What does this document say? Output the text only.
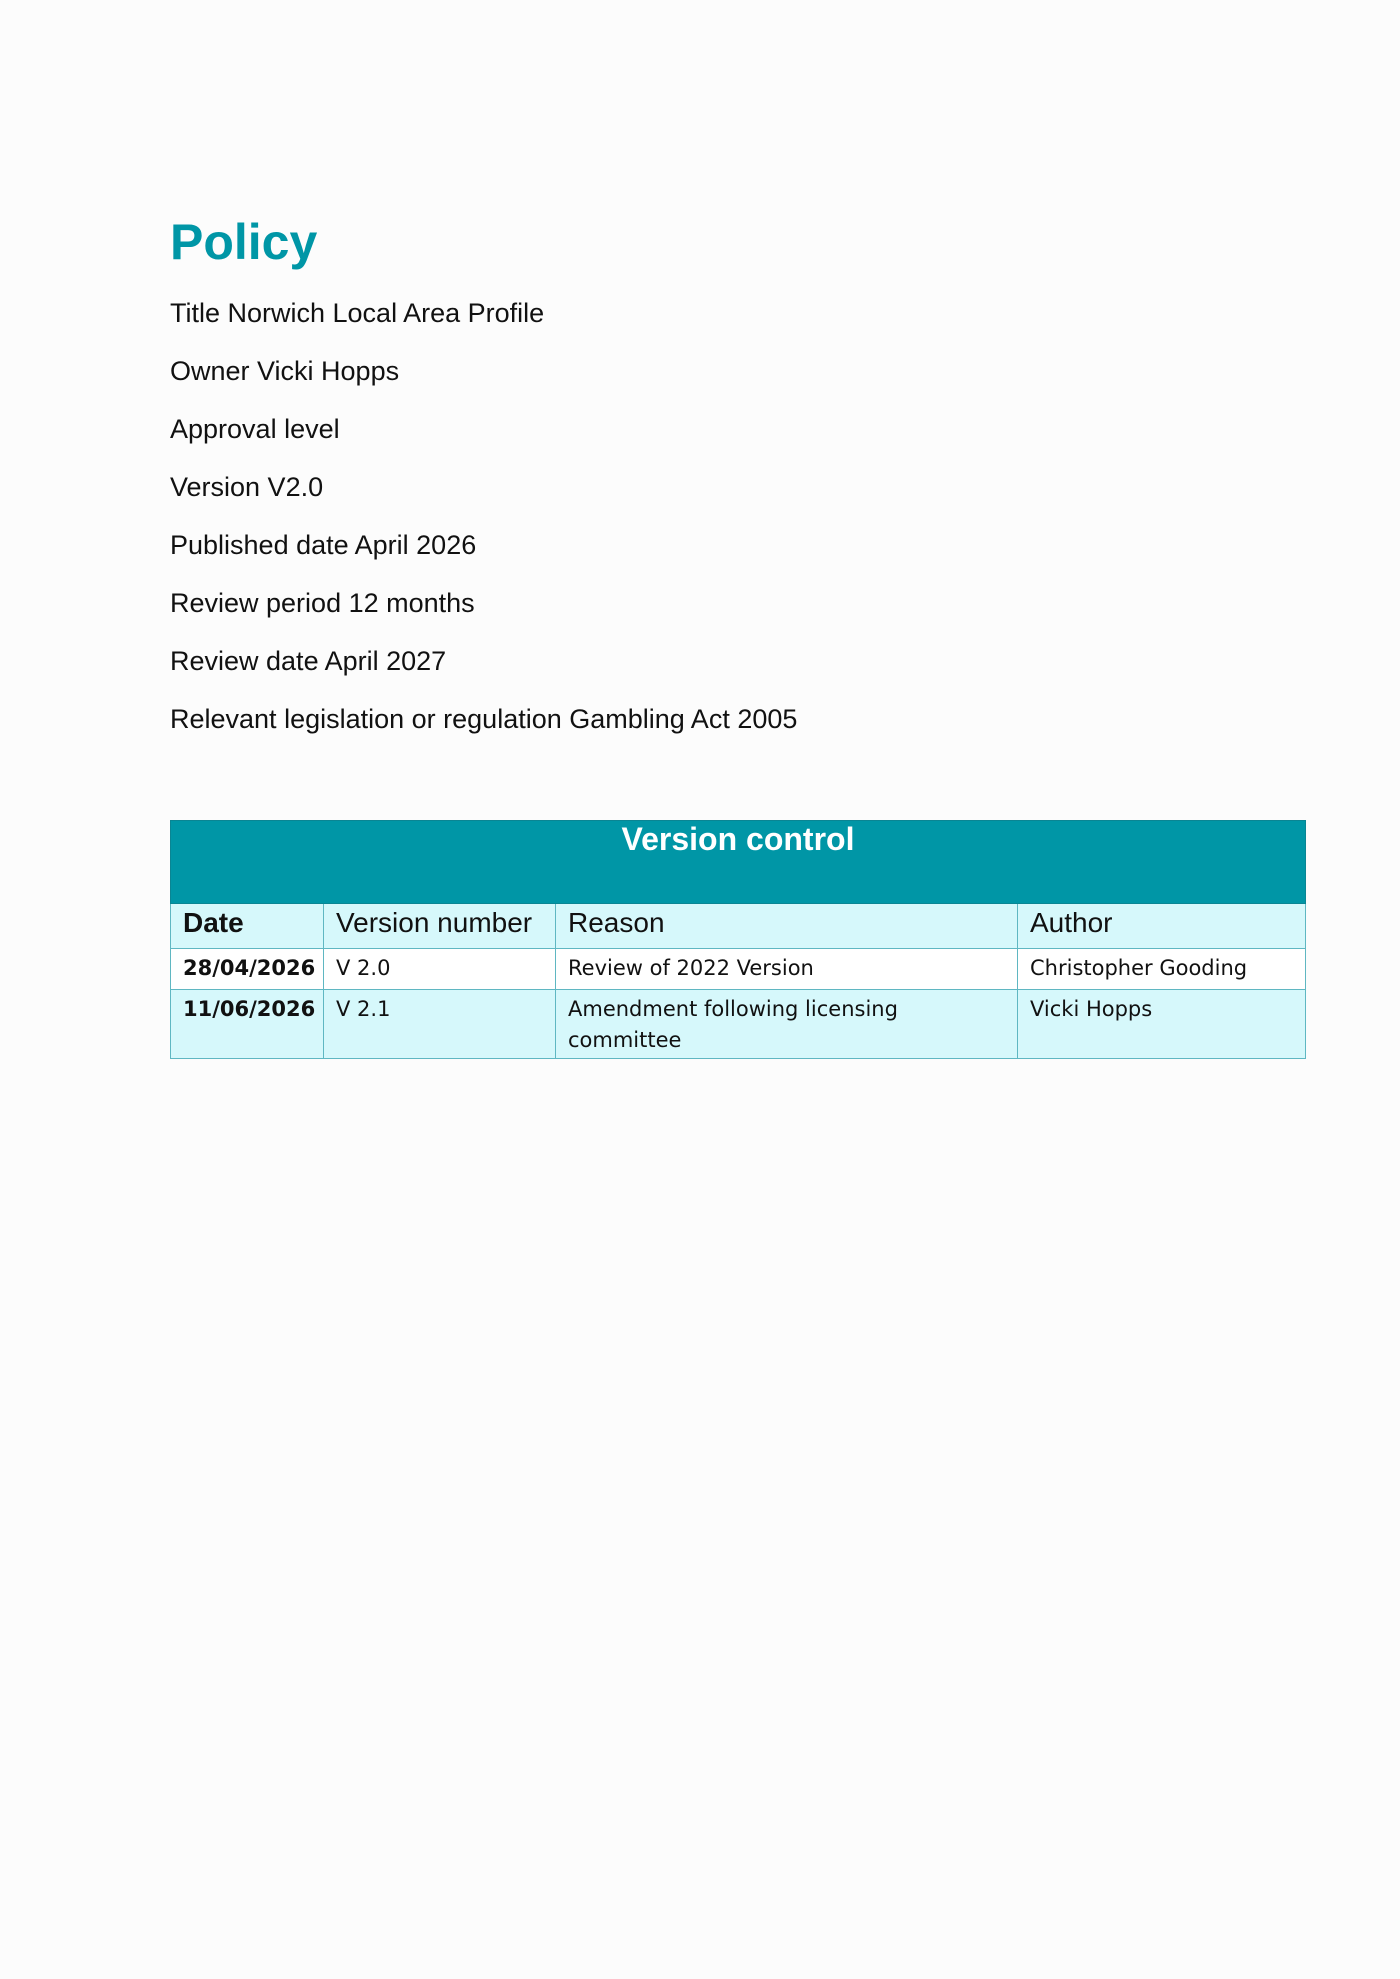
Policy
Title Norwich Local Area Profile
Owner Vicki Hopps
Approval level
Version V2.0
Published date April 2026
Review period 12 months
Review date April 2027
Relevant legislation or regulation Gambling Act 2005
Version control			
Date	Version number	Reason	Author
28/04/2026	V 2.0	Review of 2022 Version	Christopher Gooding
11/06/2026	V 2.1	Amendment following licensing committee	Vicki Hopps
